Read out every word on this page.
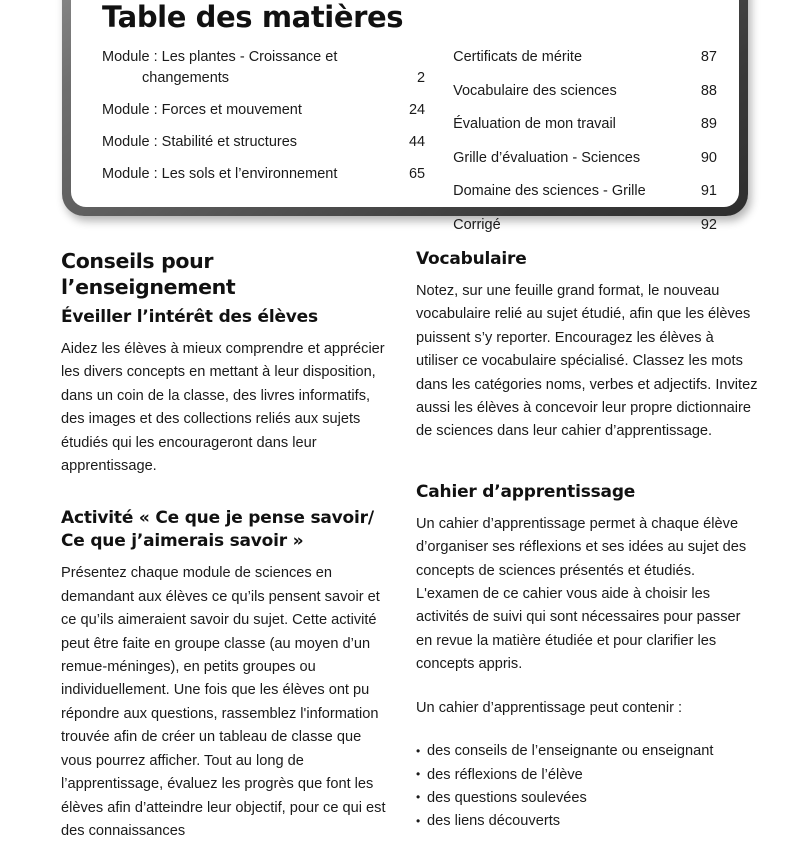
Table des matières
Module : Les plantes - Croissance et
changements	2
Module : Forces et mouvement	24
Module : Stabilité et structures	44
Module : Les sols et l’environnement	65
Certificats de mérite	87
Vocabulaire des sciences	88
Évaluation de mon travail	89
Grille d’évaluation - Sciences	90
Domaine des sciences - Grille	91
Corrigé	92
Conseils pour l’enseignement
Éveiller l’intérêt des élèves

Aidez les élèves à mieux comprendre et apprécier les divers concepts en mettant à leur disposition, dans un coin de la classe, des livres informatifs, des images et des collections reliés aux sujets étudiés qui les encourageront dans leur apprentissage.

Activité « Ce que je pense savoir/ Ce que j’aimerais savoir »

Présentez chaque module de sciences en demandant aux élèves ce qu’ils pensent savoir et ce qu’ils aimeraient savoir du sujet. Cette activité peut être faite en groupe classe (au moyen d’un remue-méninges), en petits groupes ou individuellement. Une fois que les élèves ont pu répondre aux questions, rassemblez l'information trouvée afin de créer un tableau de classe que vous pourrez afficher. Tout au long de l’apprentissage, évaluez les progrès que font les élèves afin d’atteindre leur objectif, pour ce qui est des connaissances

Vocabulaire

Notez, sur une feuille grand format, le nouveau vocabulaire relié au sujet étudié, afin que les élèves puissent s’y reporter. Encouragez les élèves à utiliser ce vocabulaire spécialisé. Classez les mots dans les catégories noms, verbes et adjectifs. Invitez aussi les élèves à concevoir leur propre dictionnaire de sciences dans leur cahier d’apprentissage.

Cahier d’apprentissage

Un cahier d’apprentissage permet à chaque élève d’organiser ses réflexions et ses idées au sujet des concepts de sciences présentés et étudiés. L'examen de ce cahier vous aide à choisir les activités de suivi qui sont nécessaires pour passer en revue la matière étudiée et pour clarifier les concepts appris.

Un cahier d’apprentissage peut contenir :

• des conseils de l’enseignante ou enseignant
• des réflexions de l’élève
• des questions soulevées
• des liens découverts
